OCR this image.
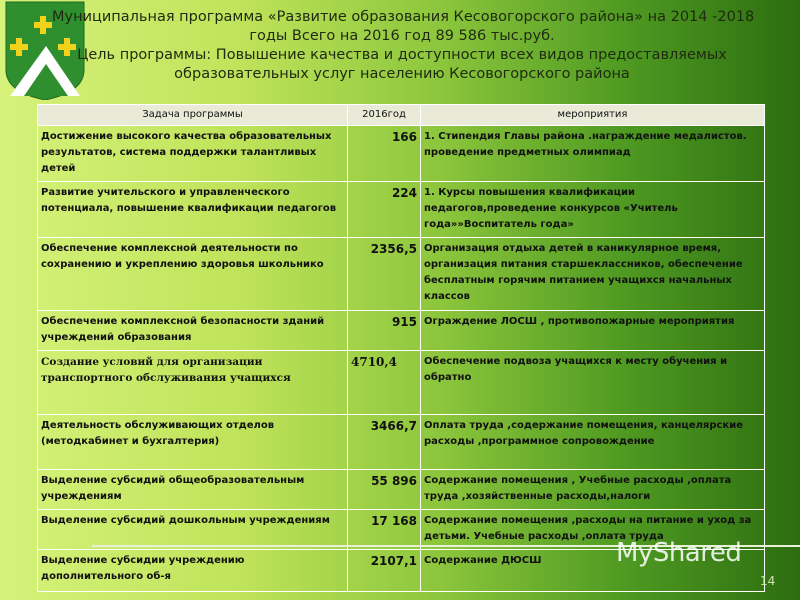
Муниципальная программа «Развитие образования Кесовогорского района» на 2014 -2018
годы Всего на 2016 год 89 586 тыс.руб.
Цель программы: Повышение качества и доступности всех видов предоставляемых
образовательных услуг населению Кесовогорского района
Задача программы	2016год	мероприятия
Достижение высокого качества образовательных результатов, система поддержки талантливых детей	166	1. Стипендия Главы района .награждение медалистов. проведение предметных олимпиад
Развитие учительского и управленческого потенциала, повышение квалификации педагогов	224	1. Курсы повышения квалификации педагогов,проведение конкурсов «Учитель года»»Воспитатель года»
Обеспечение комплексной деятельности по сохранению и укреплению здоровья школьнико	2356,5	Организация отдыха детей в каникулярное время, организация питания старшеклассников, обеспечение бесплатным горячим питанием учащихся начальных классов
Обеспечение комплексной безопасности зданий учреждений образования	915	Ограждение ЛОСШ , противопожарные мероприятия
Создание условий для организации транспортного обслуживания учащихся	4710,4	Обеспечение подвоза учащихся к месту обучения и обратно
Деятельность обслуживающих отделов (методкабинет и бухгалтерия)	3466,7	Оплата труда ,содержание помещения, канцелярские расходы ,программное сопровождение
Выделение субсидий общеобразовательным учреждениям	55 896	Содержание помещения , Учебные расходы ,оплата труда ,хозяйственные расходы,налоги
Выделение субсидий дошкольным учреждениям	17 168	Содержание помещения ,расходы на питание и уход за детьми. Учебные расходы ,оплата труда
Выделение субсидии учреждению дополнительного об-я	2107,1	Содержание ДЮСШ	MyShared
14
